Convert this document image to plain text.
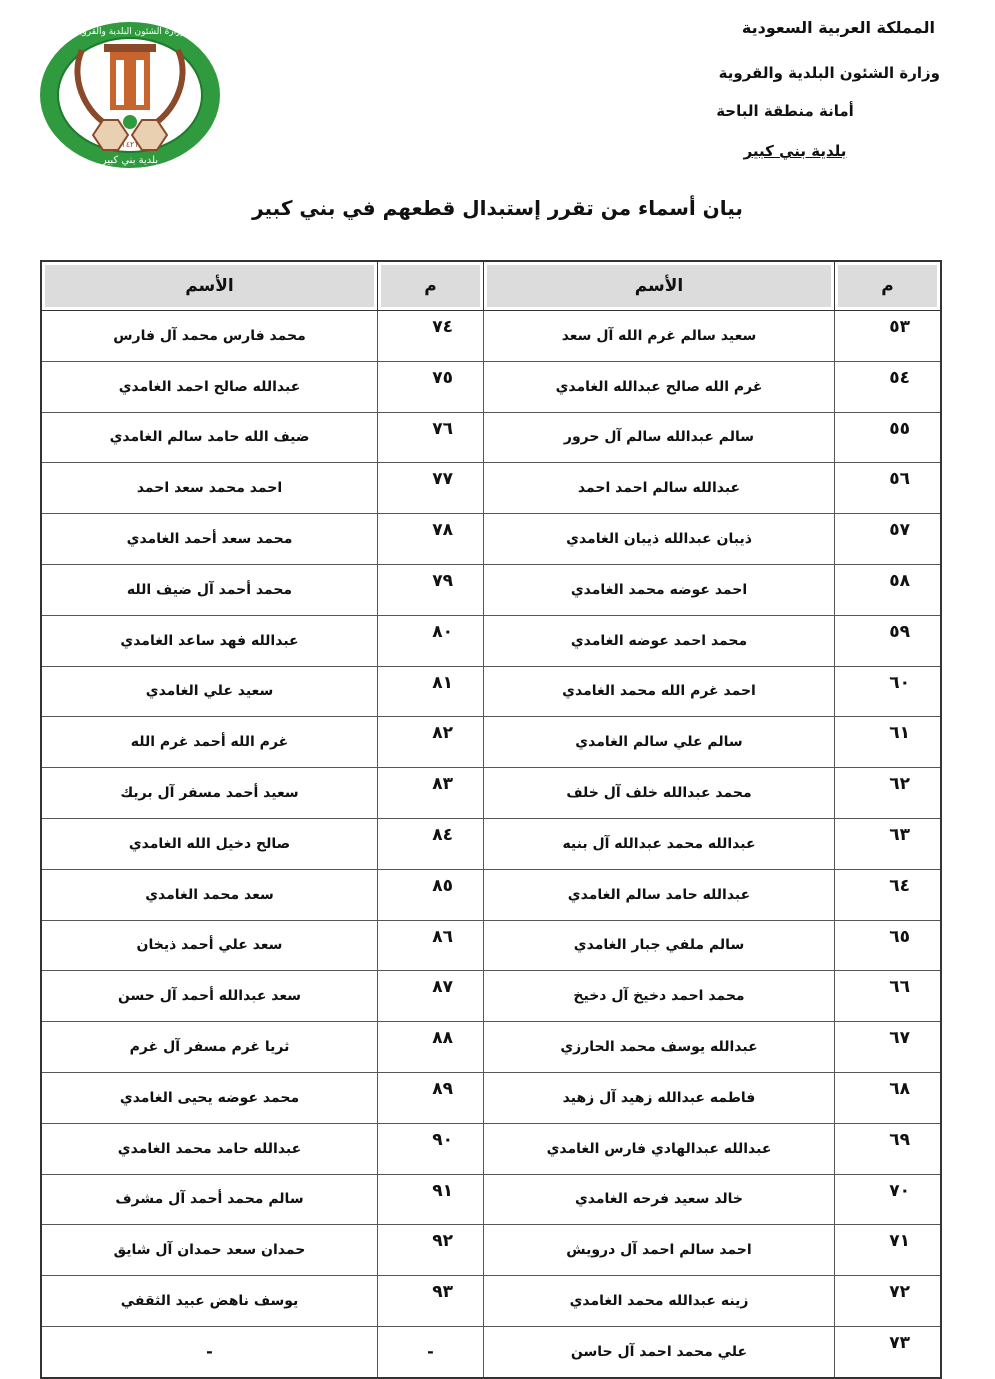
المملكة العربية السعودية
وزارة الشئون البلدية والقروية
أمانة منطقة الباحة
بلدية بني كبير
وزارة الشئون البلدية والقروية
بلدية بني كبير
١٤٢١
بيان أسماء من تقرر إستبدال قطعهم في بني كبير
م	الأسم	م	الأسم
٥٣	سعيد سالم غرم الله آل سعد	٧٤	محمد فارس محمد آل فارس
٥٤	غرم الله صالح عبدالله الغامدي	٧٥	عبدالله صالح احمد الغامدي
٥٥	سالم عبدالله سالم آل حرور	٧٦	ضيف الله حامد سالم الغامدي
٥٦	عبدالله سالم احمد احمد	٧٧	احمد محمد سعد احمد
٥٧	ذيبان عبدالله ذيبان الغامدي	٧٨	محمد سعد أحمد الغامدي
٥٨	احمد عوضه محمد الغامدي	٧٩	محمد أحمد آل ضيف الله
٥٩	محمد احمد عوضه الغامدي	٨٠	عبدالله فهد ساعد الغامدي
٦٠	احمد غرم الله محمد الغامدي	٨١	سعيد علي الغامدي
٦١	سالم علي سالم الغامدي	٨٢	غرم الله أحمد غرم الله
٦٢	محمد عبدالله خلف آل خلف	٨٣	سعيد أحمد مسفر آل بريك
٦٣	عبدالله محمد عبدالله آل بنيه	٨٤	صالح دخيل الله الغامدي
٦٤	عبدالله حامد سالم الغامدي	٨٥	سعد محمد الغامدي
٦٥	سالم ملفي جبار الغامدي	٨٦	سعد علي أحمد ذيخان
٦٦	محمد احمد دخيخ آل دخيخ	٨٧	سعد عبدالله أحمد آل حسن
٦٧	عبدالله يوسف محمد الحارزي	٨٨	ثريا غرم مسفر آل غرم
٦٨	فاطمه عبدالله زهيد آل زهيد	٨٩	محمد عوضه يحيى الغامدي
٦٩	عبدالله عبدالهادي فارس الغامدي	٩٠	عبدالله حامد محمد الغامدي
٧٠	خالد سعيد فرحه الغامدي	٩١	سالم محمد أحمد آل مشرف
٧١	احمد سالم احمد آل درويش	٩٢	حمدان سعد حمدان آل شايق
٧٢	زينه عبدالله محمد الغامدي	٩٣	يوسف ناهض عبيد الثقفي
٧٣	علي محمد احمد آل حاسن	-	-
